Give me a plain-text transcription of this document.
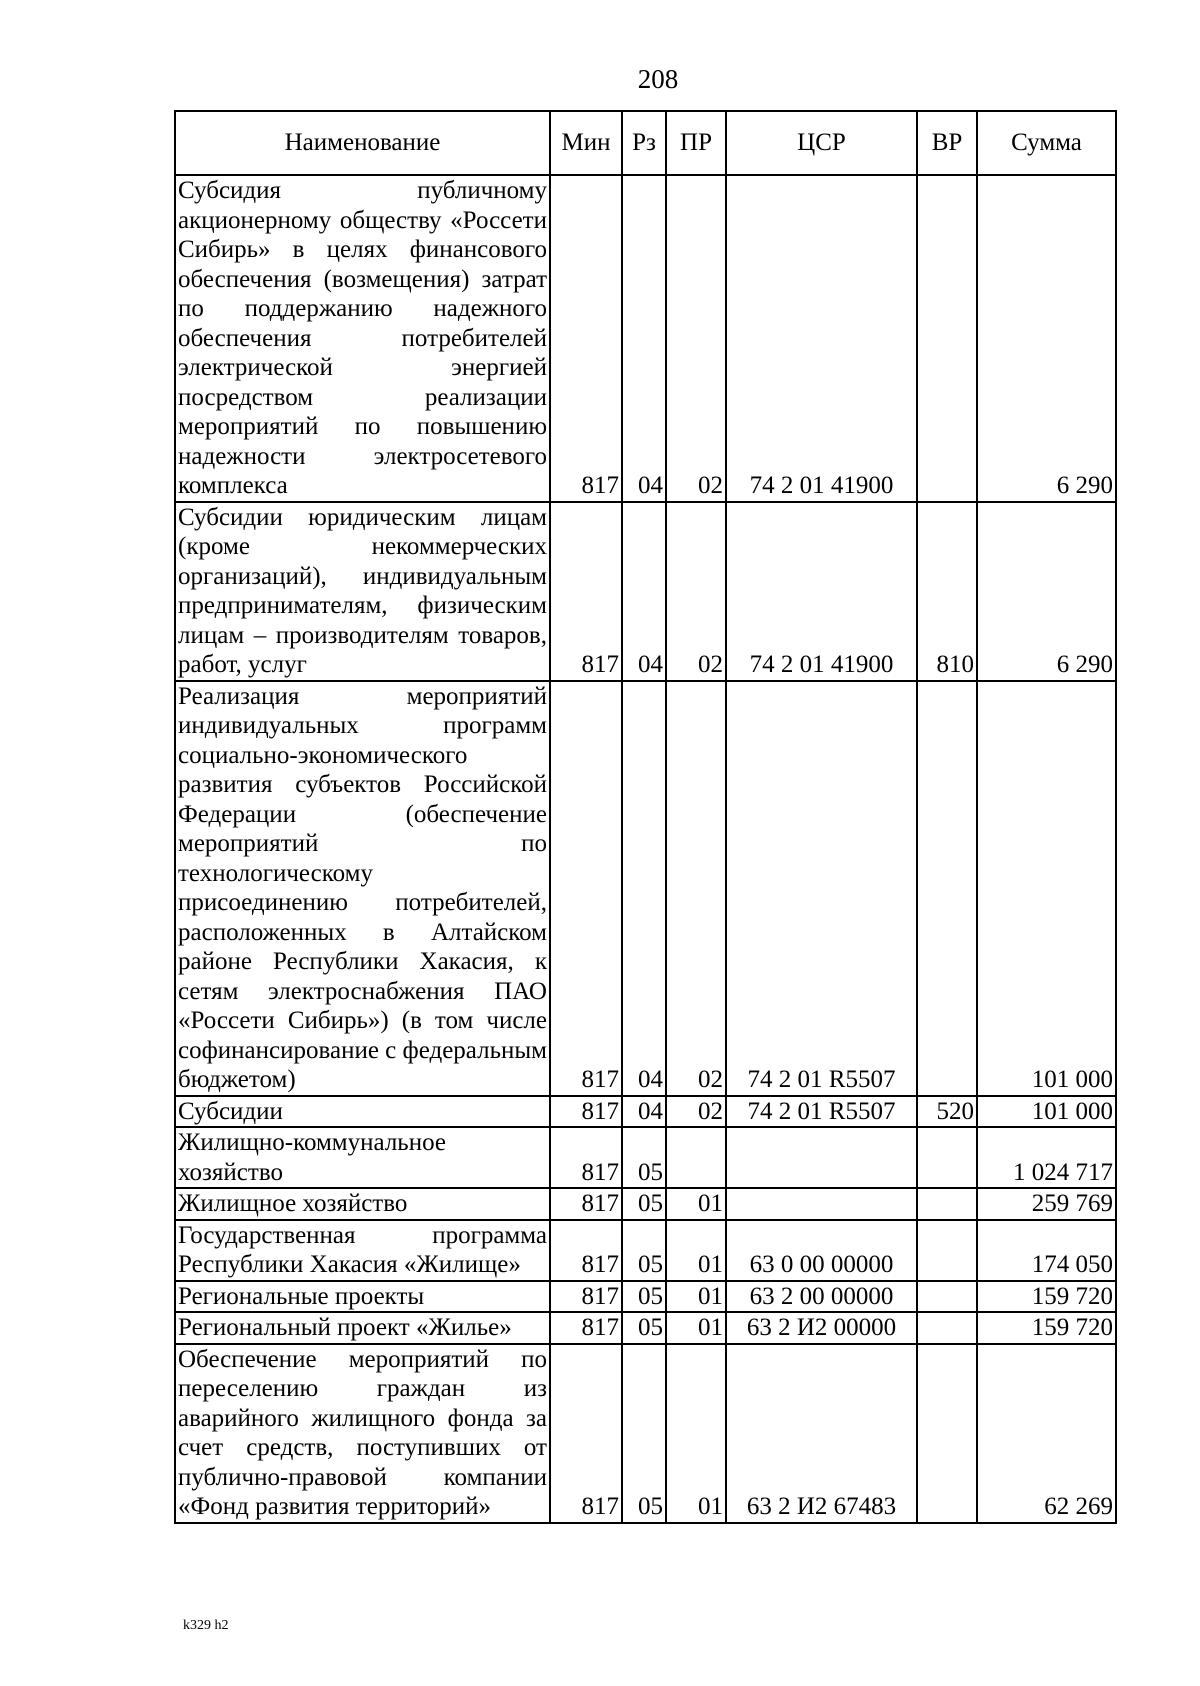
208
Наименование	Мин	Рз	ПР	ЦСР	ВР	Сумма
Субсидия публичному акционерному обществу «Россети Сибирь» в целях финансового обеспечения (возмещения) затрат по поддержанию надежного обеспечения потребителей электрической энергией посредством реализации мероприятий по повышению надежности электросетевого комплекса	817	04	02	74 2 01 41900		6 290
Субсидии юридическим лицам (кроме некоммерческих организаций), индивидуальным предпринимателям, физическим лицам – производителям товаров, работ, услуг	817	04	02	74 2 01 41900	810	6 290
Реализация мероприятий индивидуальных программ социально-экономического развития субъектов Российской Федерации (обеспечение мероприятий по технологическому присоединению потребителей, расположенных в Алтайском районе Республики Хакасия, к сетям электроснабжения ПАО «Россети Сибирь») (в том числе софинансирование с федеральным бюджетом)	817	04	02	74 2 01 R5507		101 000
Субсидии	817	04	02	74 2 01 R5507	520	101 000
Жилищно-коммунальное хозяйство	817	05				1 024 717
Жилищное хозяйство	817	05	01			259 769
Государственная программа Республики Хакасия «Жилище»	817	05	01	63 0 00 00000		174 050
Региональные проекты	817	05	01	63 2 00 00000		159 720
Региональный проект «Жилье»	817	05	01	63 2 И2 00000		159 720
Обеспечение мероприятий по переселению граждан из аварийного жилищного фонда за счет средств, поступивших от публично-правовой компании «Фонд развития территорий»	817	05	01	63 2 И2 67483		62 269
k329 h2
